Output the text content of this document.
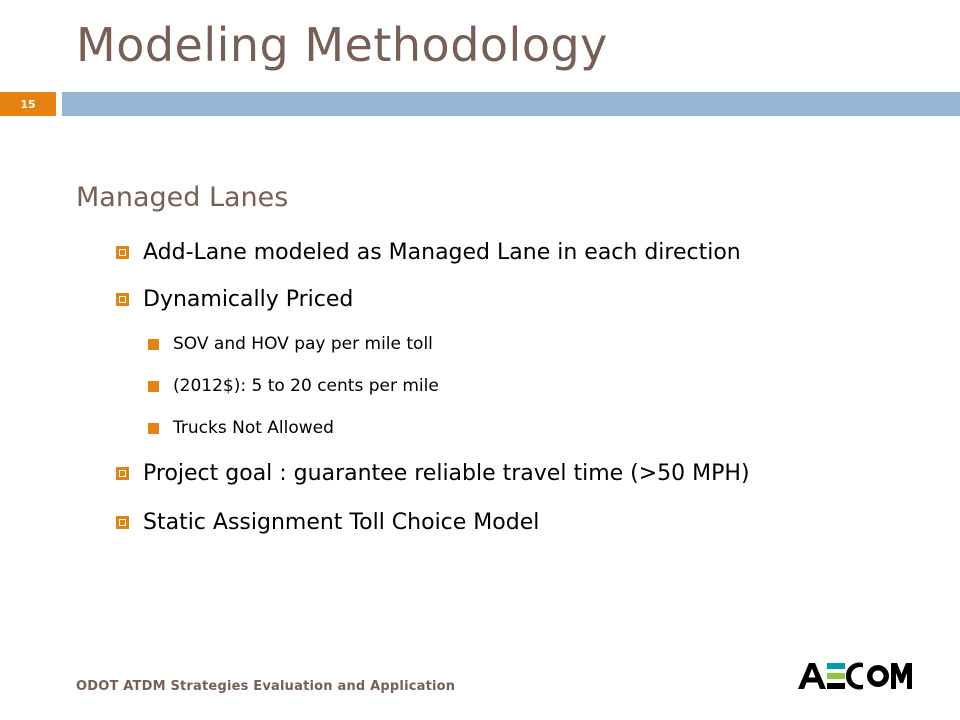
Modeling Methodology
15
Managed Lanes
Add-Lane modeled as Managed Lane in each direction
Dynamically Priced
SOV and HOV pay per mile toll
(2012$): 5 to 20 cents per mile
Trucks Not Allowed
Project goal : guarantee reliable travel time (>50 MPH)
Static Assignment Toll Choice Model
ODOT ATDM Strategies Evaluation and Application
